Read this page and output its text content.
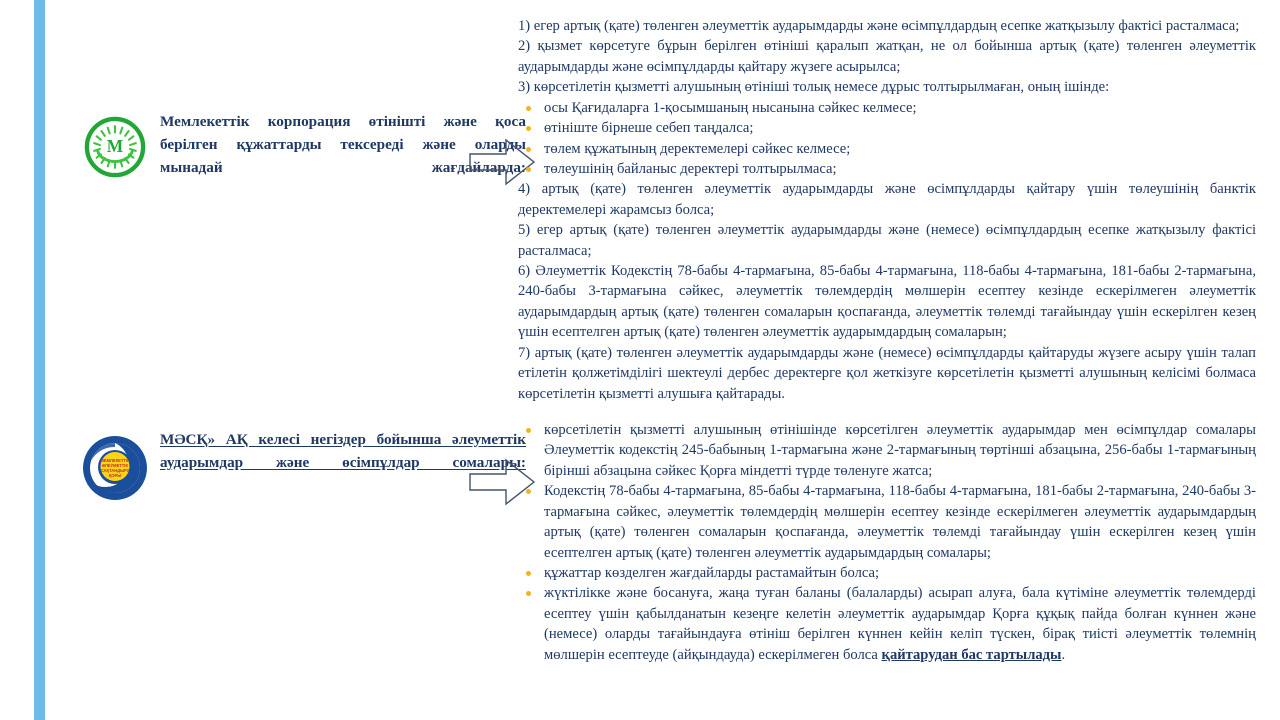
M
Мемлекеттік корпорация өтінішті және қоса берілген құжаттарды тексереді және оларды мынадай жағдайларда:
МЕМЛЕКЕТТІК
ӘЛЕУМЕТТІК
САҚТАНДЫРУ
ҚОРЫ
МӘСҚ» АҚ келесі негіздер бойынша әлеуметтік аударымдар және өсімпұлдар сомалары:

1) егер артық (қате) төленген әлеуметтік аударымдарды және өсімпұлдардың есепке жатқызылу фактісі расталмаса;

2) қызмет көрсетуге бұрын берілген өтініші қаралып жатқан, не ол бойынша артық (қате) төленген әлеуметтік аударымдарды және өсімпұлдарды қайтару жүзеге асырылса;

3) көрсетілетін қызметті алушының өтініші толық немесе дұрыс толтырылмаған, оның ішінде:

осы Қағидаларға 1-қосымшаның нысанына сәйкес келмесе;
өтініште бірнеше себеп таңдалса;
төлем құжатының деректемелері сәйкес келмесе;
төлеушінің байланыс деректері толтырылмаса;

4) артық (қате) төленген әлеуметтік аударымдарды және өсімпұлдарды қайтару үшін төлеушінің банктік деректемелері жарамсыз болса;

5) егер артық (қате) төленген әлеуметтік аударымдарды және (немесе) өсімпұлдардың есепке жатқызылу фактісі расталмаса;

6) Әлеуметтік Кодекстің 78-бабы 4-тармағына, 85-бабы 4-тармағына, 118-бабы 4-тармағына, 181-бабы 2-тармағына, 240-бабы 3-тармағына сәйкес, әлеуметтік төлемдердің мөлшерін есептеу кезінде ескерілмеген әлеуметтік аударымдардың артық (қате) төленген сомаларын қоспағанда, әлеуметтік төлемді тағайындау үшін ескерілген кезең үшін есептелген артық (қате) төленген әлеуметтік аударымдардың сомаларын;

7) артық (қате) төленген әлеуметтік аударымдарды және (немесе) өсімпұлдарды қайтаруды жүзеге асыру үшін талап етілетін қолжетімділігі шектеулі дербес деректерге қол жеткізуге көрсетілетін қызметті алушының келісімі болмаса көрсетілетін қызметті алушыға қайтарады.

көрсетілетін қызметті алушының өтінішінде көрсетілген әлеуметтік аударымдар мен өсімпұлдар сомалары Әлеуметтік кодекстің 245-бабының 1-тармағына және 2-тармағының төртінші абзацына, 256-бабы 1-тармағының бірінші абзацына сәйкес Қорға міндетті түрде төленуге жатса;
Кодекстің 78-бабы 4-тармағына, 85-бабы 4-тармағына, 118-бабы 4-тармағына, 181-бабы 2-тармағына, 240-бабы 3-тармағына сәйкес, әлеуметтік төлемдердің мөлшерін есептеу кезінде ескерілмеген әлеуметтік аударымдардың артық (қате) төленген сомаларын қоспағанда, әлеуметтік төлемді тағайындау үшін ескерілген кезең үшін есептелген артық (қате) төленген әлеуметтік аударымдардың сомалары;
құжаттар көзделген жағдайларды растамайтын болса;
жүктілікке және босануға, жаңа туған баланы (балаларды) асырап алуға, бала күтіміне әлеуметтік төлемдерді есептеу үшін қабылданатын кезеңге келетін әлеуметтік аударымдар Қорға құқық пайда болған күннен және (немесе) оларды тағайындауға өтініш берілген күннен кейін келіп түскен, бірақ тиісті әлеуметтік төлемнің мөлшерін есептеуде (айқындауда) ескерілмеген болса қайтарудан бас тартылады.
